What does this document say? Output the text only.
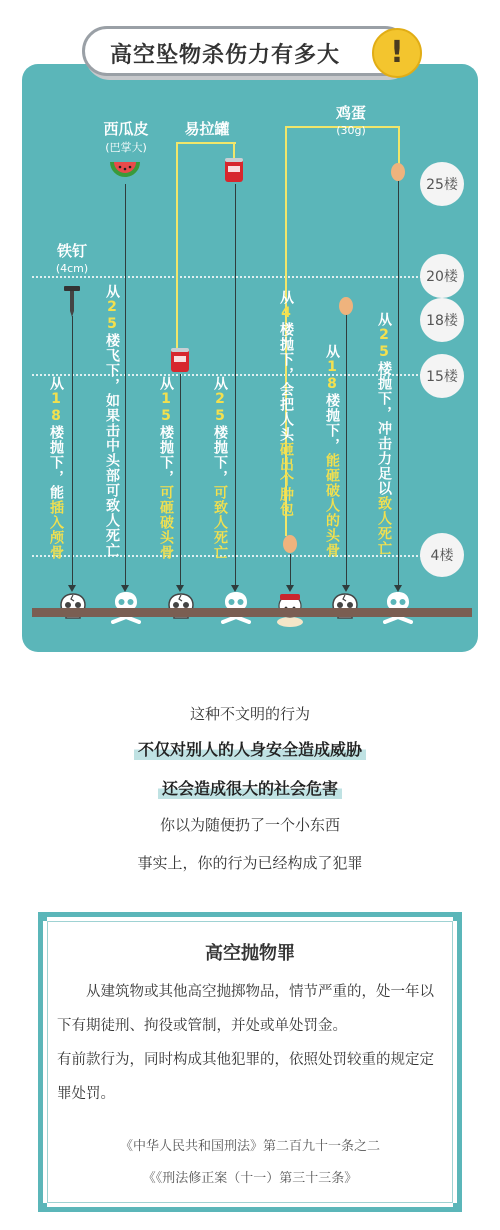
高空坠物杀伤力有多大 !
25楼
20楼
18楼
15楼
4楼
铁钉
(4cm)
西瓜皮
(巴掌大)
易拉罐
鸡蛋
(30g)
从18楼抛下，能插入颅骨
从25楼飞下，如果击中头部可致人死亡	从15楼抛下，可砸破头骨
从25楼抛下，可致人死亡
从4楼抛下，会把人头砸出个肿包
从18楼抛下，能砸破人的头骨
从25楼抛下，冲击力足以致人死亡
这种不文明的行为
不仅对别人的人身安全造成威胁
还会造成很大的社会危害
你以为随便扔了一个小东西
事实上，你的行为已经构成了犯罪
高空抛物罪
从建筑物或其他高空抛掷物品，情节严重的，处一年以下有期徒刑、拘役或管制，并处或单处罚金。
有前款行为，同时构成其他犯罪的，依照处罚较重的规定定罪处罚。
《中华人民共和国刑法》第二百九十一条之二
《《刑法修正案（十一）第三十三条》
